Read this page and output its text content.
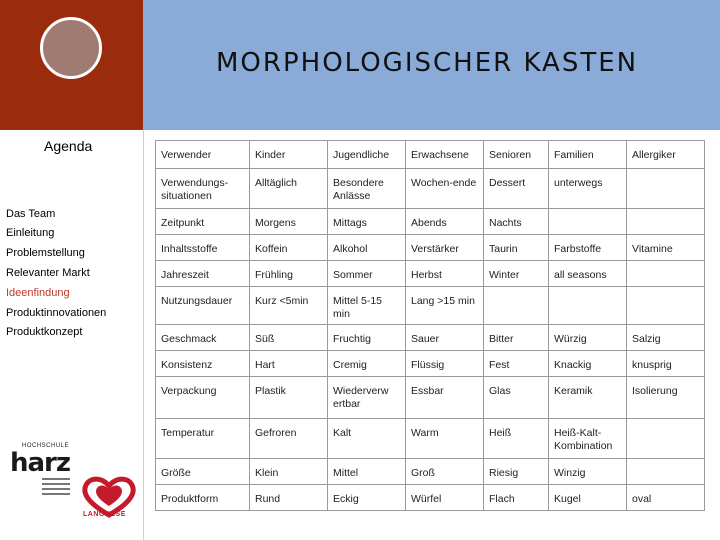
MORPHOLOGISCHER KASTEN
Agenda
Das Team
Einleitung
Problemstellung
Relevanter Markt
Ideenfindung
Produktinnovationen
Produktkonzept
HOCHSCHULE
harz
LANGNESE
Verwender	Kinder	Jugendliche	Erwachsene	Senioren	Familien	Allergiker
Verwendungs-situationen	Alltäglich	Besondere Anlässe	Wochen-ende	Dessert	unterwegs	
Zeitpunkt	Morgens	Mittags	Abends	Nachts		
Inhaltsstoffe	Koffein	Alkohol	Verstärker	Taurin	Farbstoffe	Vitamine
Jahreszeit	Frühling	Sommer	Herbst	Winter	all seasons	
Nutzungsdauer	Kurz <5min	Mittel 5-15 min	Lang >15 min			
Geschmack	Süß	Fruchtig	Sauer	Bitter	Würzig	Salzig
Konsistenz	Hart	Cremig	Flüssig	Fest	Knackig	knusprig
Verpackung	Plastik	Wiederverw ertbar	Essbar	Glas	Keramik	Isolierung
Temperatur	Gefroren	Kalt	Warm	Heiß	Heiß-Kalt-Kombination	
Größe	Klein	Mittel	Groß	Riesig	Winzig	
Produktform	Rund	Eckig	Würfel	Flach	Kugel	oval
